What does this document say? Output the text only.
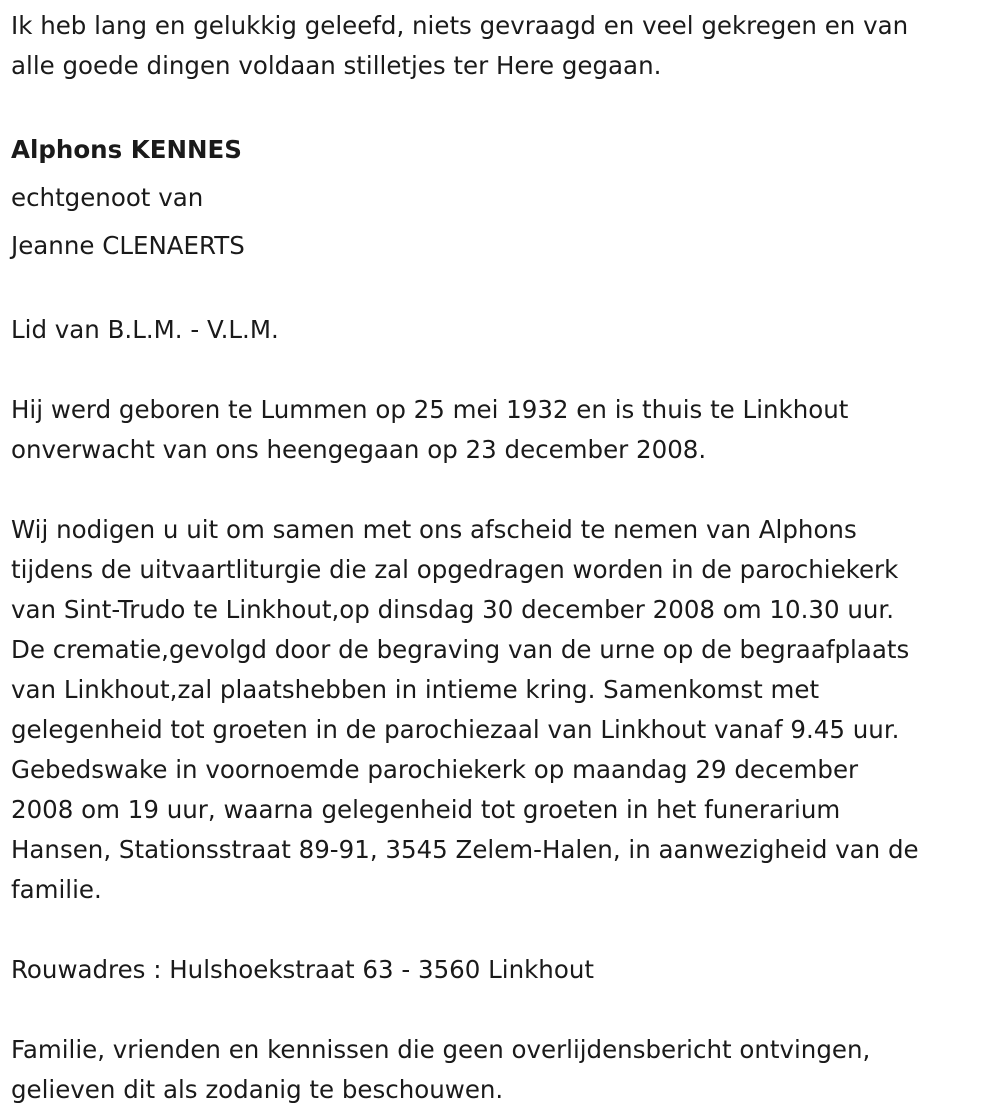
Ik heb lang en gelukkig geleefd, niets gevraagd en veel gekregen en van
alle goede dingen voldaan stilletjes ter Here gegaan.

Alphons KENNES
echtgenoot van
Jeanne CLENAERTS

Lid van B.L.M. - V.L.M.

Hij werd geboren te Lummen op 25 mei 1932 en is thuis te Linkhout
onverwacht van ons heengegaan op 23 december 2008.

Wij nodigen u uit om samen met ons afscheid te nemen van Alphons
tijdens de uitvaartliturgie die zal opgedragen worden in de parochiekerk
van Sint-Trudo te Linkhout,op dinsdag 30 december 2008 om 10.30 uur.
De crematie,gevolgd door de begraving van de urne op de begraafplaats
van Linkhout,zal plaatshebben in intieme kring. Samenkomst met
gelegenheid tot groeten in de parochiezaal van Linkhout vanaf 9.45 uur.
Gebedswake in voornoemde parochiekerk op maandag 29 december
2008 om 19 uur, waarna gelegenheid tot groeten in het funerarium
Hansen, Stationsstraat 89-91, 3545 Zelem-Halen, in aanwezigheid van de
familie.

Rouwadres : Hulshoekstraat 63 - 3560 Linkhout

Familie, vrienden en kennissen die geen overlijdensbericht ontvingen,
gelieven dit als zodanig te beschouwen.
